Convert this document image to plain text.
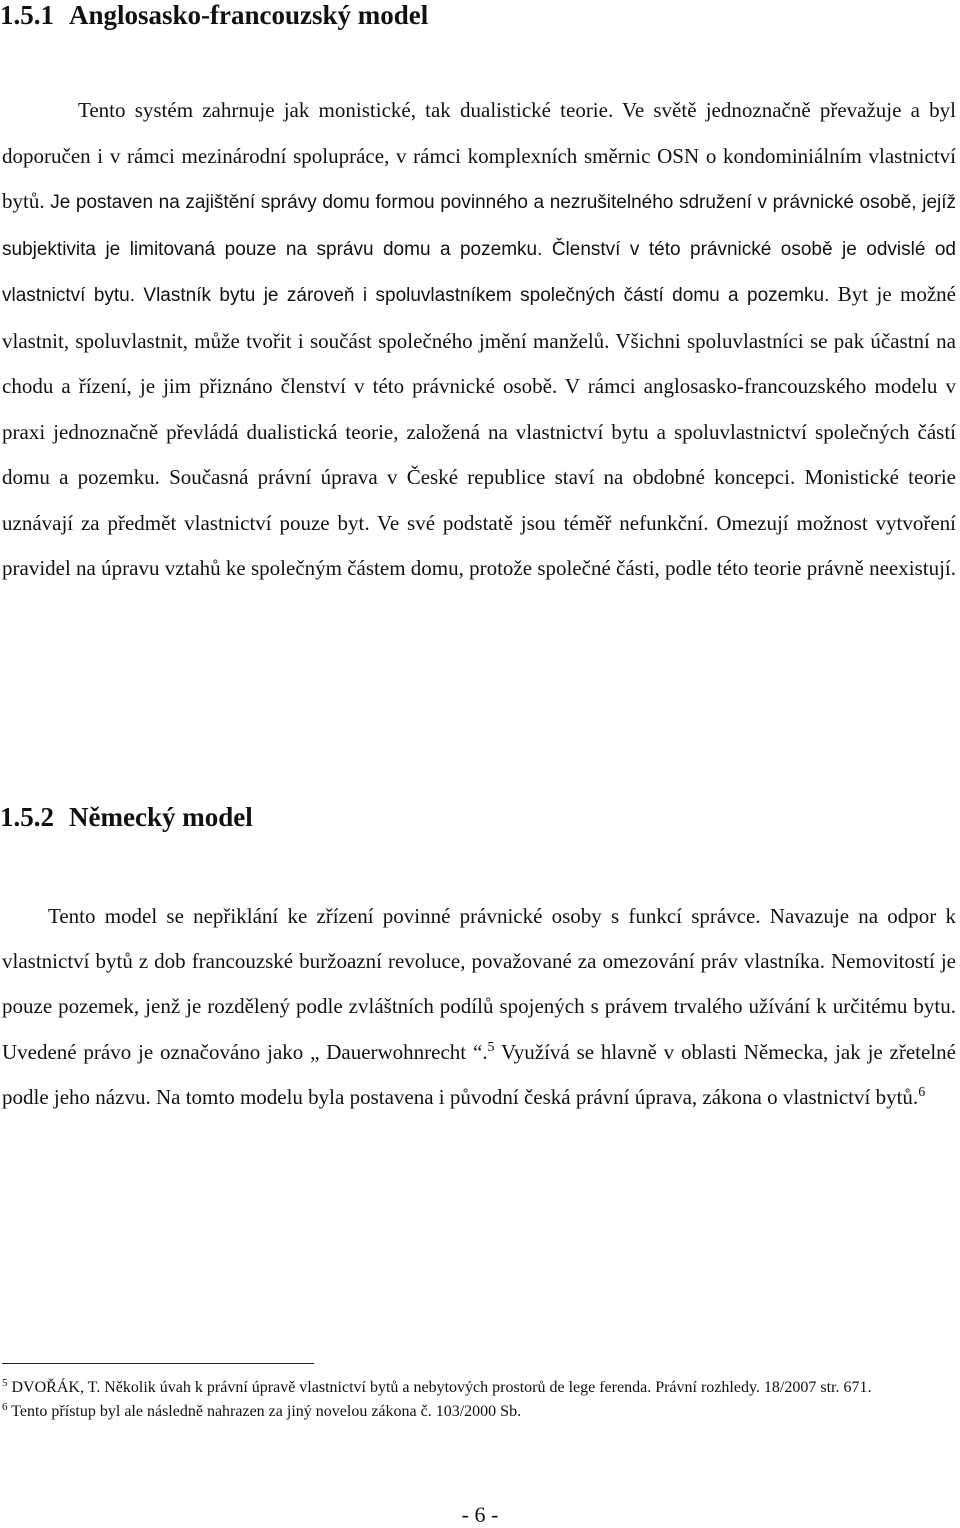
1.5.1 Anglosasko-francouzský model

Tento systém zahrnuje jak monistické, tak dualistické teorie. Ve světě jednoznačně převažuje a byl doporučen i v rámci mezinárodní spolupráce, v rámci komplexních směrnic OSN o kondominiálním vlastnictví bytů. Je postaven na zajištění správy domu formou povinného a nezrušitelného sdružení v právnické osobě, jejíž subjektivita je limitovaná pouze na správu domu a pozemku. Členství v této právnické osobě je odvislé od vlastnictví bytu. Vlastník bytu je zároveň i spoluvlastníkem společných částí domu a pozemku. Byt je možné vlastnit, spoluvlastnit, může tvořit i součást společného jmění manželů. Všichni spoluvlastníci se pak účastní na chodu a řízení, je jim přiznáno členství v této právnické osobě. V rámci anglosasko-francouzského modelu v praxi jednoznačně převládá dualistická teorie, založená na vlastnictví bytu a spoluvlastnictví společných částí domu a pozemku. Současná právní úprava v České republice staví na obdobné koncepci. Monistické teorie uznávají za předmět vlastnictví pouze byt. Ve své podstatě jsou téměř nefunkční. Omezují možnost vytvoření pravidel na úpravu vztahů ke společným částem domu, protože společné části, podle této teorie právně neexistují.

1.5.2 Německý model

Tento model se nepřiklání ke zřízení povinné právnické osoby s funkcí správce. Navazuje na odpor k vlastnictví bytů z dob francouzské buržoazní revoluce, považované za omezování práv vlastníka. Nemovitostí je pouze pozemek, jenž je rozdělený podle zvláštních podílů spojených s právem trvalého užívání k určitému bytu. Uvedené právo je označováno jako „ Dauerwohnrecht “.$^5$ Využívá se hlavně v oblasti Německa, jak je zřetelné podle jeho názvu. Na tomto modelu byla postavena i původní česká právní úprava, zákona o vlastnictví bytů.$^6$

$^5$ DVOŘÁK, T. Několik úvah k právní úpravě vlastnictví bytů a nebytových prostorů de lege ferenda. Právní rozhledy. 18/2007 str. 671.

$^6$ Tento přístup byl ale následně nahrazen za jiný novelou zákona č. 103/2000 Sb.

- 6 -
